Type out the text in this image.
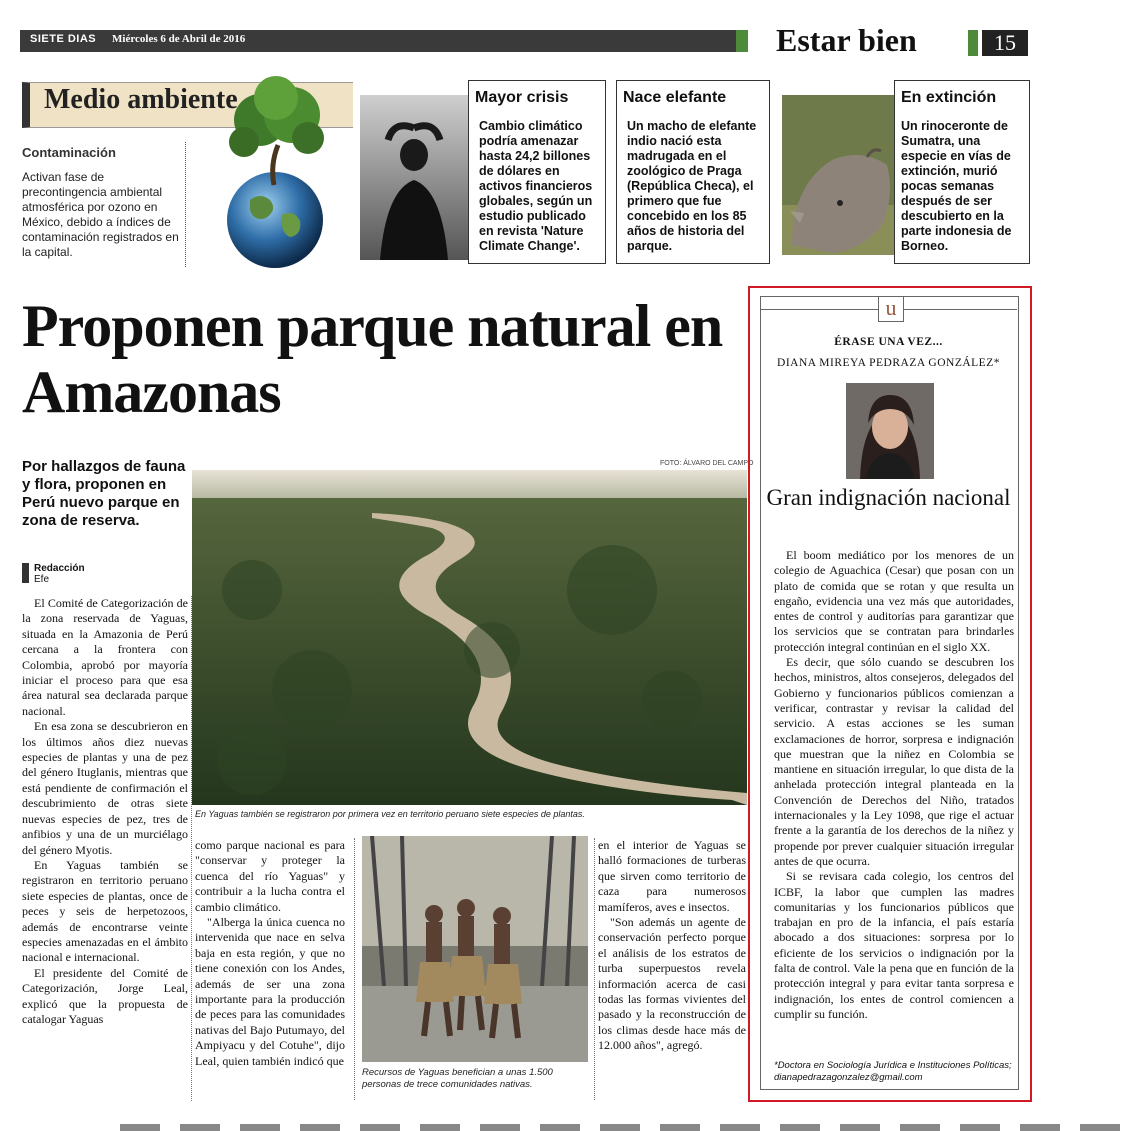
SIETE DIAS Miércoles 6 de Abril de 2016	Estar bien	15
Medio ambiente
Contaminación
Activan fase de precontingencia ambiental atmosférica por ozono en México, debido a índices de contaminación registrados en la capital.
Mayor crisis
Cambio climático podría amenazar hasta 24,2 billones de dólares en activos financieros globales, según un estudio publicado en revista 'Nature Climate Change'.
Nace elefante
Un macho de elefante indio nació esta madrugada en el zoológico de Praga (República Checa), el primero que fue concebido en los 85 años de historia del parque.
En extinción
Un rinoceronte de Sumatra, una especie en vías de extinción, murió pocas semanas después de ser descubierto en la parte indonesia de Borneo.
Proponen parque natural en Amazonas
Por hallazgos de fauna y flora, proponen en Perú nuevo parque en zona de reserva.
Redacción
Efe
FOTO: ÁLVARO DEL CAMPO
En Yaguas también se registraron por primera vez en territorio peruano siete especies de plantas.

El Comité de Categorización de la zona reservada de Yaguas, situada en la Amazonia de Perú cercana a la frontera con Colombia, aprobó por mayoría iniciar el proceso para que esa área natural sea declarada parque nacional.

En esa zona se descubrieron en los últimos años diez nuevas especies de plantas y una de pez del género Ituglanis, mientras que está pendiente de confirmación el descubrimiento de otras siete nuevas especies de pez, tres de anfibios y una de un murciélago del género Myotis.

En Yaguas también se registraron en territorio peruano siete especies de plantas, once de peces y seis de herpetozoos, además de encontrarse veinte especies amenazadas en el ámbito nacional e internacional.

El presidente del Comité de Categorización, Jorge Leal, explicó que la propuesta de catalogar Yaguas

como parque nacional es para "conservar y proteger la cuenca del río Yaguas" y contribuir a la lucha contra el cambio climático.

"Alberga la única cuenca no intervenida que nace en selva baja en esta región, y que no tiene conexión con los Andes, además de ser una zona importante para la producción de peces para las comunidades nativas del Bajo Putumayo, del Ampiyacu y del Cotuhe", dijo Leal, quien también indicó que

Recursos de Yaguas benefician a unas 1.500 personas de trece comunidades nativas.

en el interior de Yaguas se halló formaciones de turberas que sirven como territorio de caza para numerosos mamíferos, aves e insectos.

"Son además un agente de conservación perfecto porque el análisis de los estratos de turba superpuestos revela información acerca de casi todas las formas vivientes del pasado y la reconstrucción de los climas desde hace más de 12.000 años", agregó.

u
ÉRASE UNA VEZ...
DIANA MIREYA PEDRAZA GONZÁLEZ*
Gran indignación nacional

El boom mediático por los menores de un colegio de Aguachica (Cesar) que posan con un plato de comida que se rotan y que resulta un engaño, evidencia una vez más que autoridades, entes de control y auditorías para garantizar que los servicios que se contratan para brindarles protección integral continúan en el siglo XX.

Es decir, que sólo cuando se descubren los hechos, ministros, altos consejeros, delegados del Gobierno y funcionarios públicos comienzan a verificar, contrastar y revisar la calidad del servicio. A estas acciones se les suman exclamaciones de horror, sorpresa e indignación que muestran que la niñez en Colombia se mantiene en situación irregular, lo que dista de la anhelada protección integral planteada en la Convención de Derechos del Niño, tratados internacionales y la Ley 1098, que rige el actuar frente a la garantía de los derechos de la niñez y propende por prever cualquier situación irregular antes de que ocurra.

Si se revisara cada colegio, los centros del ICBF, la labor que cumplen las madres comunitarias y los funcionarios públicos que trabajan en pro de la infancia, el país estaría abocado a dos situaciones: sorpresa por lo eficiente de los servicios o indignación por la falta de control. Vale la pena que en función de la protección integral y para evitar tanta sorpresa e indignación, los entes de control comiencen a cumplir su función.

*Doctora en Sociología Jurídica e Instituciones Políticas;
dianapedrazagonzalez@gmail.com
